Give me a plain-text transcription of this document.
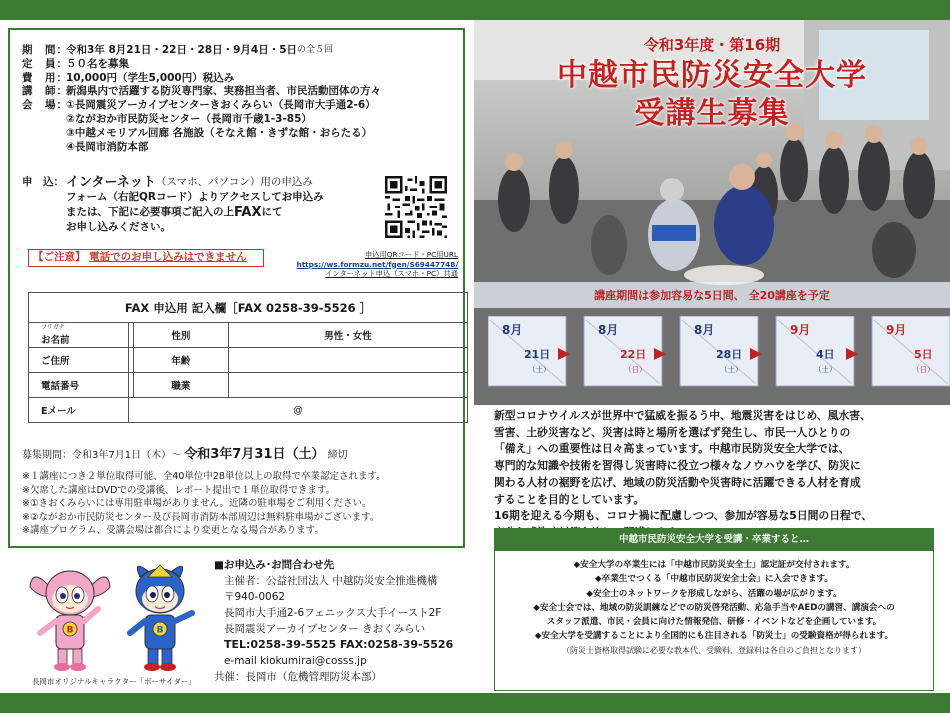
期　間：
令和3年 8月21日・22日・28日・9月4日・5日 の全５回
定　員：
５０名を募集
費　用：
10,000円（学生5,000円）税込み
講　師：
新潟県内で活躍する防災専門家、実務担当者、市民活動団体の方々
会　場：
①長岡震災アーカイブセンターきおくみらい（長岡市大手通2-6）
②ながおか市民防災センター（長岡市千歳1-3-85）
③中越メモリアル回廊 各施設（そなえ館・きずな館・おらたる）
④長岡市消防本部
申　込： インターネット （スマホ、パソコン）用の申込み
フォーム（右記QRコード）よりアクセスしてお申込み
または、下記に必要事項ご記入の上 FAX にて
お申し込みください。
申込用QRコード・PC用URL
https://ws.formzu.net/fgen/S69447748/
インターネット申込（スマホ・PC）共通
【ご注意】 電話でのお申し込みはできません
FAX 申込用 記入欄［FAX 0258-39-5526 ］			

フリガナ
お名前		性別	男性・女性
ご住所		年齢	
電話番号		職業	
Eメール	@		
募集期間：令和3年7月1日（木）～ 令和3年7月31日（土） 締切
※１講座につき２単位取得可能、全40単位中28単位以上の取得で卒業認定されます。
※欠席した講座はDVDでの受講後、レポート提出で１単位取得できます。
※①きおくみらいには専用駐車場がありません。近隣の駐車場をご利用ください。
※②ながおか市民防災センター及び長岡市消防本部周辺は無料駐車場がございます。
※講座プログラム、受講会場は都合により変更となる場合があります。
B	B
長岡市オリジナルキャラクター「ボーサイダー」
■お申込み･お問合わせ先
主催者：公益社団法人 中越防災安全推進機構
〒940-0062
長岡市大手通2-6フェニックス大手イースト2F
長岡震災アーカイブセンター きおくみらい
TEL:0258-39-5525 FAX:0258-39-5526
e-mail kiokumirai@cosss.jp
共催：長岡市（危機管理防災本部）
令和3年度・第16期
中越市民防災安全大学
受講生募集
講座期間は参加容易な5日間、 全20講座を予定
8月
21日
（土）
8月
22日
（日）
8月
28日
（土）
9月
4日
（土）
9月
5日
（日）
新型コロナウイルスが世界中で猛威を振るう中、地震災害をはじめ、風水害、
雪害、土砂災害など、災害は時と場所を選ばず発生し、市民一人ひとりの
「備え」への重要性は日々高まっています。中越市民防災安全大学では、
専門的な知識や技術を習得し災害時に役立つ様々なノウハウを学び、防災に
関わる人材の裾野を広げ、地域の防災活動や災害時に活躍できる人材を育成
することを目的としています。
16期を迎える今期も、コロナ禍に配慮しつつ、参加が容易な5日間の日程で、
中越市民防災安全大学を受講・卒業すると…
◆安全大学の卒業生には「中越市民防災安全士」認定証が交付されます。
◆卒業生でつくる「中越市民防災安全士会」に入会できます。
◆安全士のネットワークを形成しながら、活躍の場が広がります。
◆安全士会では、地域の防災訓練などでの防災啓発活動、応急手当やAEDの講習、講演会への
スタッフ派遣、市民・会員に向けた情報発信、研修・イベントなどを企画しています。
◆安全大学を受講することにより全国的にも注目される「防災士」の受験資格が得られます。
（防災士資格取得試験に必要な教本代、受験料、登録料は各自のご負担となります）
